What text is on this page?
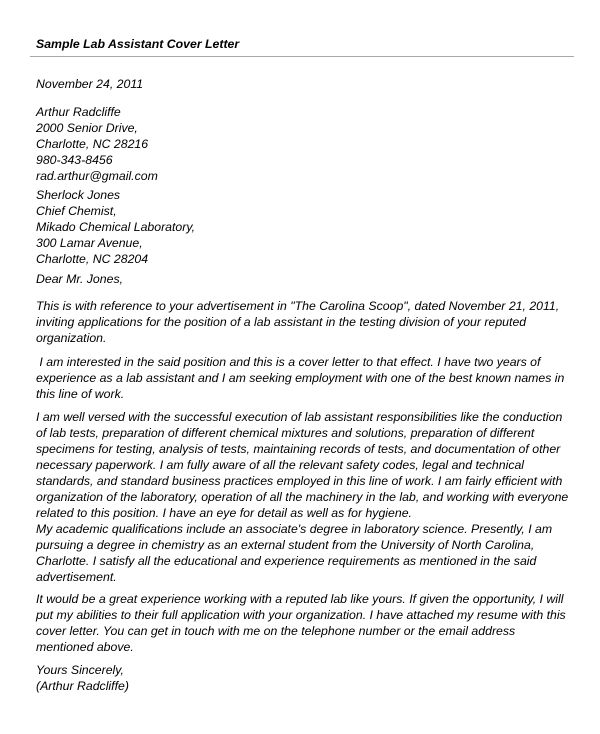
Sample Lab Assistant Cover Letter

November 24, 2011

Arthur Radcliffe
2000 Senior Drive,
Charlotte, NC 28216
980-343-8456
rad.arthur@gmail.com

Sherlock Jones
Chief Chemist,
Mikado Chemical Laboratory,
300 Lamar Avenue,
Charlotte, NC 28204

Dear Mr. Jones,

This is with reference to your advertisement in "The Carolina Scoop", dated November 21, 2011, inviting applications for the position of a lab assistant in the testing division of your reputed organization.

I am interested in the said position and this is a cover letter to that effect. I have two years of experience as a lab assistant and I am seeking employment with one of the best known names in this line of work.

I am well versed with the successful execution of lab assistant responsibilities like the conduction of lab tests, preparation of different chemical mixtures and solutions, preparation of different specimens for testing, analysis of tests, maintaining records of tests, and documentation of other necessary paperwork. I am fully aware of all the relevant safety codes, legal and technical standards, and standard business practices employed in this line of work. I am fairly efficient with organization of the laboratory, operation of all the machinery in the lab, and working with everyone related to this position. I have an eye for detail as well as for hygiene.

My academic qualifications include an associate's degree in laboratory science. Presently, I am pursuing a degree in chemistry as an external student from the University of North Carolina, Charlotte. I satisfy all the educational and experience requirements as mentioned in the said advertisement.

It would be a great experience working with a reputed lab like yours. If given the opportunity, I will put my abilities to their full application with your organization. I have attached my resume with this cover letter. You can get in touch with me on the telephone number or the email address mentioned above.

Yours Sincerely,
(Arthur Radcliffe)
